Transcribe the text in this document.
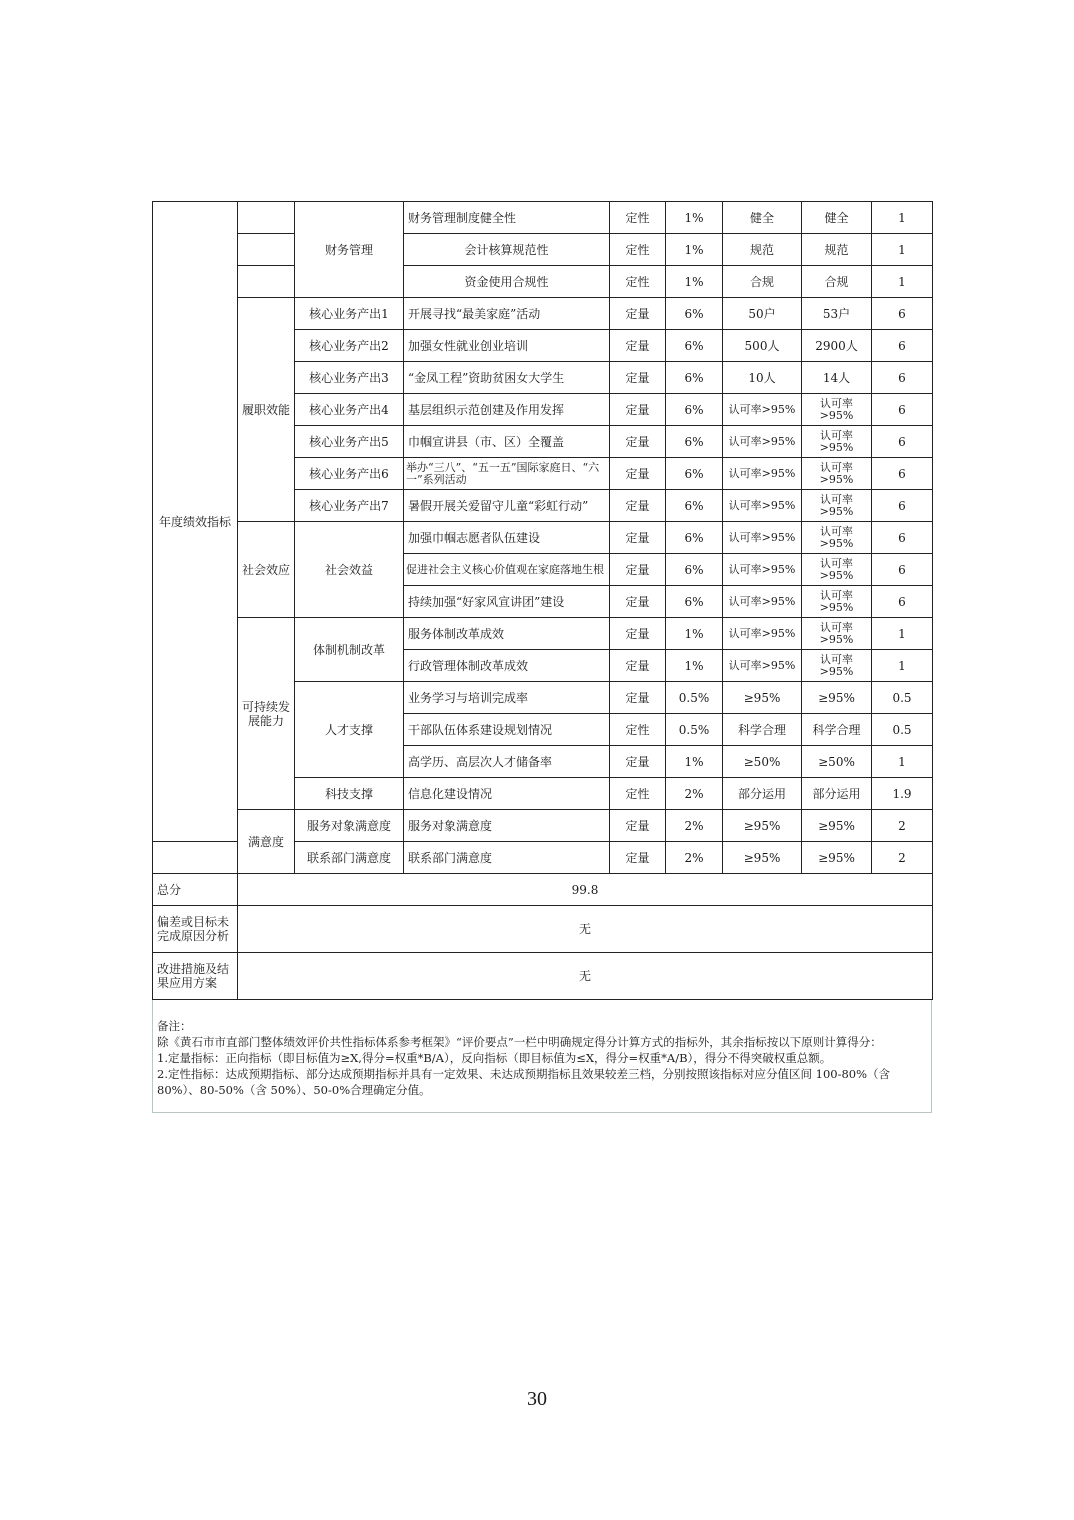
年度绩效指标		财务管理	财务管理制度健全性	定性	1%	健全	健全	1
			会计核算规范性	定性	1%	规范	规范	1
			资金使用合规性	定性	1%	合规	合规	1
	履职效能	核心业务产出1	开展寻找“最美家庭”活动	定量	6%	50户	53户	6
		核心业务产出2	加强女性就业创业培训	定量	6%	500人	2900人	6
		核心业务产出3	“金凤工程”资助贫困女大学生	定量	6%	10人	14人	6
		核心业务产出4	基层组织示范创建及作用发挥	定量	6%	认可率>95%	认可率>95%	6
		核心业务产出5	巾帼宣讲县（市、区）全覆盖	定量	6%	认可率>95%	认可率>95%	6
		核心业务产出6	举办“三八”、“五一五”国际家庭日、“六一”系列活动	定量	6%	认可率>95%	认可率>95%	6
		核心业务产出7	暑假开展关爱留守儿童“彩虹行动”	定量	6%	认可率>95%	认可率>95%	6
	社会效应	社会效益	加强巾帼志愿者队伍建设	定量	6%	认可率>95%	认可率>95%	6
			促进社会主义核心价值观在家庭落地生根	定量	6%	认可率>95%	认可率>95%	6
			持续加强“好家风宣讲团”建设	定量	6%	认可率>95%	认可率>95%	6
	可持续发展能力	体制机制改革	服务体制改革成效	定量	1%	认可率>95%	认可率>95%	1
			行政管理体制改革成效	定量	1%	认可率>95%	认可率>95%	1
		人才支撑	业务学习与培训完成率	定量	0.5%	≥95%	≥95%	0.5
			干部队伍体系建设规划情况	定性	0.5%	科学合理	科学合理	0.5
			高学历、高层次人才储备率	定量	1%	≥50%	≥50%	1
		科技支撑	信息化建设情况	定性	2%	部分运用	部分运用	1.9
	满意度	服务对象满意度	服务对象满意度	定量	2%	≥95%	≥95%	2
		联系部门满意度	联系部门满意度	定量	2%	≥95%	≥95%	2
总分	99.8							
偏差或目标未完成原因分析	无							
改进措施及结果应用方案	无							
备注：
除《黄石市市直部门整体绩效评价共性指标体系参考框架》“评价要点”一栏中明确规定得分计算方式的指标外，其余指标按以下原则计算得分：
1.定量指标：正向指标（即目标值为≥X,得分=权重*B/A），反向指标（即目标值为≤X，得分=权重*A/B），得分不得突破权重总额。
2.定性指标：达成预期指标、部分达成预期指标并具有一定效果、未达成预期指标且效果较差三档，分别按照该指标对应分值区间 100-80%（含 80%）、80-50%（含 50%）、50-0%合理确定分值。
30
